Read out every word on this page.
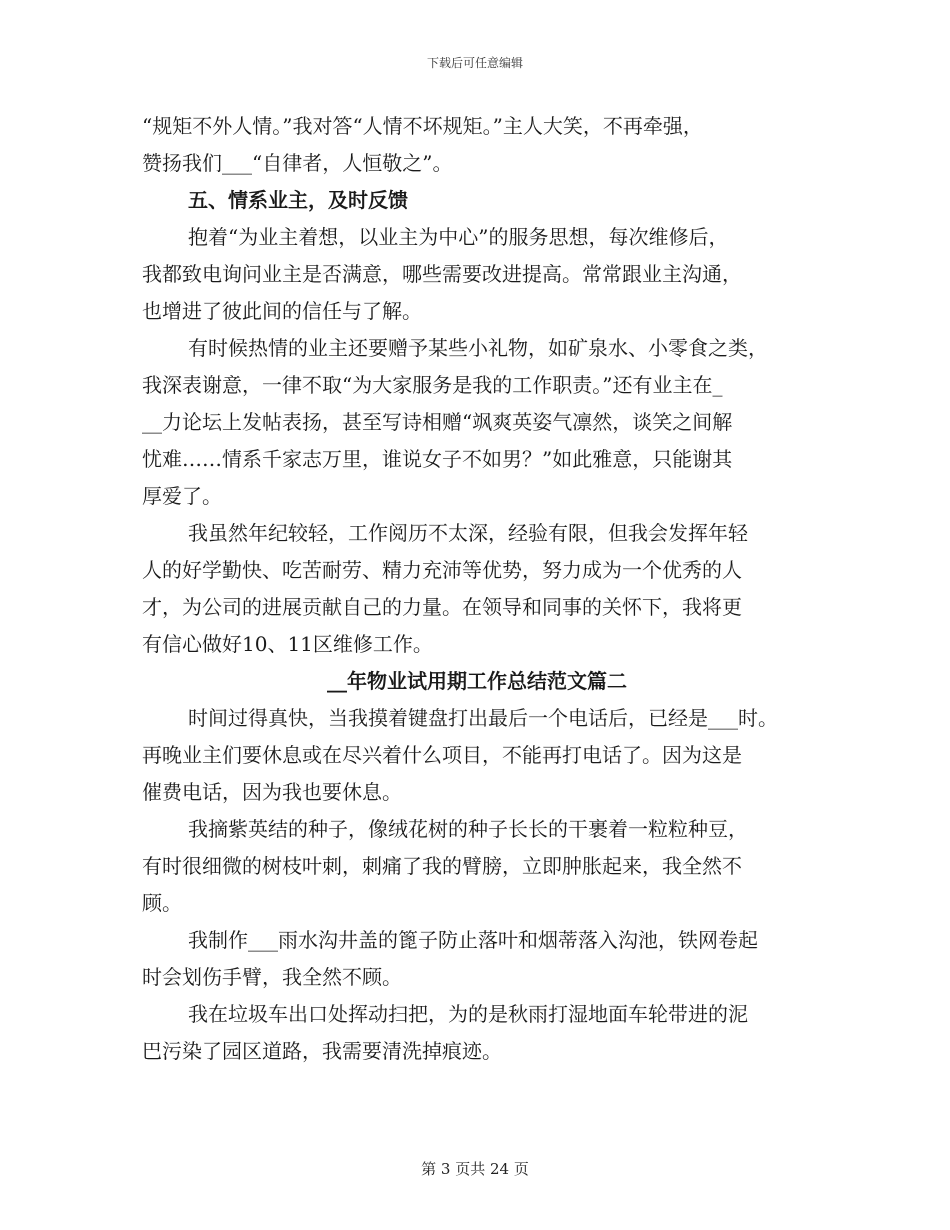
下载后可任意编辑
“规矩不外人情。”我对答“人情不坏规矩。”主人大笑，不再牵强，
赞扬我们___“自律者，人恒敬之”。
五、情系业主，及时反馈
抱着“为业主着想，以业主为中心”的服务思想，每次维修后，
我都致电询问业主是否满意，哪些需要改进提高。常常跟业主沟通，
也增进了彼此间的信任与了解。
有时候热情的业主还要赠予某些小礼物，如矿泉水、小零食之类，
我深表谢意，一律不取“为大家服务是我的工作职责。”还有业主在_
__力论坛上发帖表扬，甚至写诗相赠“飒爽英姿气凛然，谈笑之间解
忧难……情系千家志万里，谁说女子不如男？”如此雅意，只能谢其
厚爱了。
我虽然年纪较轻，工作阅历不太深，经验有限，但我会发挥年轻
人的好学勤快、吃苦耐劳、精力充沛等优势，努力成为一个优秀的人
才，为公司的进展贡献自己的力量。在领导和同事的关怀下，我将更
有信心做好10、11区维修工作。
__年物业试用期工作总结范文篇二
时间过得真快，当我摸着键盘打出最后一个电话后，已经是___时。
再晚业主们要休息或在尽兴着什么项目，不能再打电话了。因为这是
催费电话，因为我也要休息。
我摘紫英结的种子，像绒花树的种子长长的干裹着一粒粒种豆，
有时很细微的树枝叶刺，刺痛了我的臂膀，立即肿胀起来，我全然不
顾。
我制作___雨水沟井盖的篦子防止落叶和烟蒂落入沟池，铁网卷起
时会划伤手臂，我全然不顾。
我在垃圾车出口处挥动扫把，为的是秋雨打湿地面车轮带进的泥
巴污染了园区道路，我需要清洗掉痕迹。
第 3 页共 24 页
